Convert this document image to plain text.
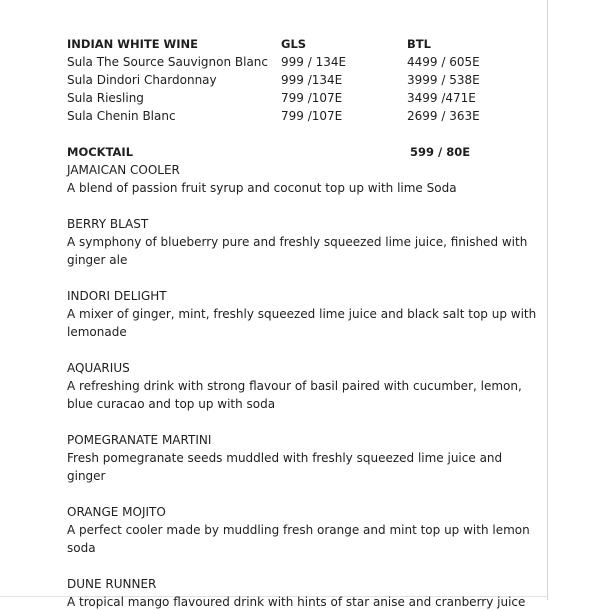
INDIAN WHITE WINE	GLS	BTL
Sula The Source Sauvignon Blanc 999 / 134E	4499 / 605E
Sula Dindori Chardonnay	999 /134E	3999 / 538E
Sula Riesling	799 /107E	3499 /471E
Sula Chenin Blanc	799 /107E	2699 / 363E
MOCKTAIL	599 / 80E
JAMAICAN COOLER
A blend of passion fruit syrup and coconut top up with lime Soda
BERRY BLAST
A symphony of blueberry pure and freshly squeezed lime juice, finished with ginger ale
INDORI DELIGHT
A mixer of ginger, mint, freshly squeezed lime juice and black salt top up with lemonade
AQUARIUS
A refreshing drink with strong flavour of basil paired with cucumber, lemon, blue curacao and top up with soda
POMEGRANATE MARTINI
Fresh pomegranate seeds muddled with freshly squeezed lime juice and ginger
ORANGE MOJITO
A perfect cooler made by muddling fresh orange and mint top up with lemon soda
DUNE RUNNER
A tropical mango flavoured drink with hints of star anise and cranberry juice
